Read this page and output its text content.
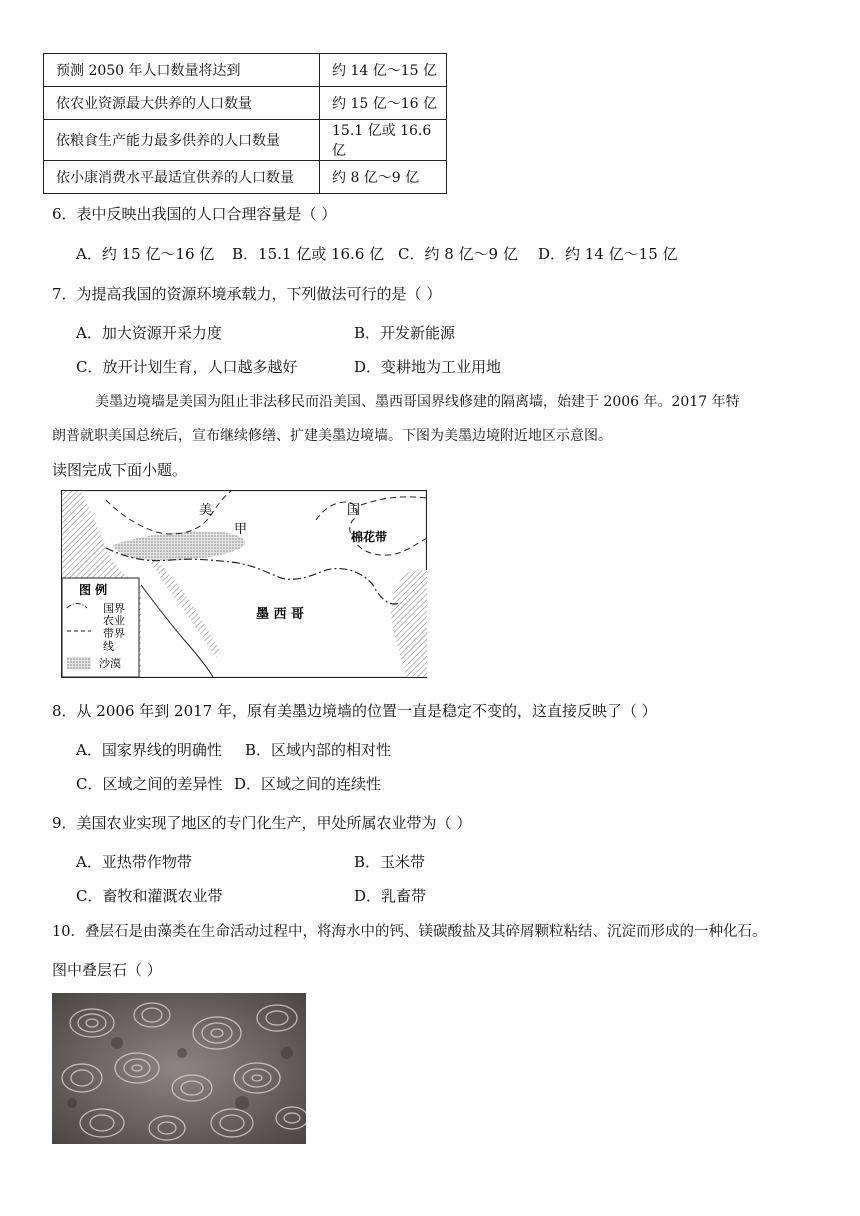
预测 2050 年人口数量将达到	约 14 亿～15 亿
依农业资源最大供养的人口数量	约 15 亿～16 亿
依粮食生产能力最多供养的人口数量	15.1 亿或 16.6 亿
依小康消费水平最适宜供养的人口数量	约 8 亿～9 亿
6．表中反映出我国的人口合理容量是（ ）
A．约 15 亿～16 亿 B．15.1 亿或 16.6 亿 C．约 8 亿～9 亿 D．约 14 亿～15 亿
7．为提高我国的资源环境承载力，下列做法可行的是（ ）
A．加大资源开采力度	B．开发新能源
C．放开计划生育，人口越多越好	D．变耕地为工业用地
美墨边境墙是美国为阻止非法移民而沿美国、墨西哥国界线修建的隔离墙，始建于 2006 年。2017 年特
朗普就职美国总统后，宣布继续修缮、扩建美墨边境墙。下图为美墨边境附近地区示意图。
读图完成下面小题。
美	国
甲	棉花带
墨 西 哥
图 例
国界
农业
带界
线
沙漠
8．从 2006 年到 2017 年，原有美墨边境墙的位置一直是稳定不变的，这直接反映了（ ）
A．国家界线的明确性 B．区域内部的相对性
C．区域之间的差异性 D．区域之间的连续性
9．美国农业实现了地区的专门化生产，甲处所属农业带为（ ）
A．亚热带作物带	B．玉米带
C．畜牧和灌溉农业带	D．乳畜带
10．叠层石是由藻类在生命活动过程中，将海水中的钙、镁碳酸盐及其碎屑颗粒粘结、沉淀而形成的一种化石。
图中叠层石（ ）
